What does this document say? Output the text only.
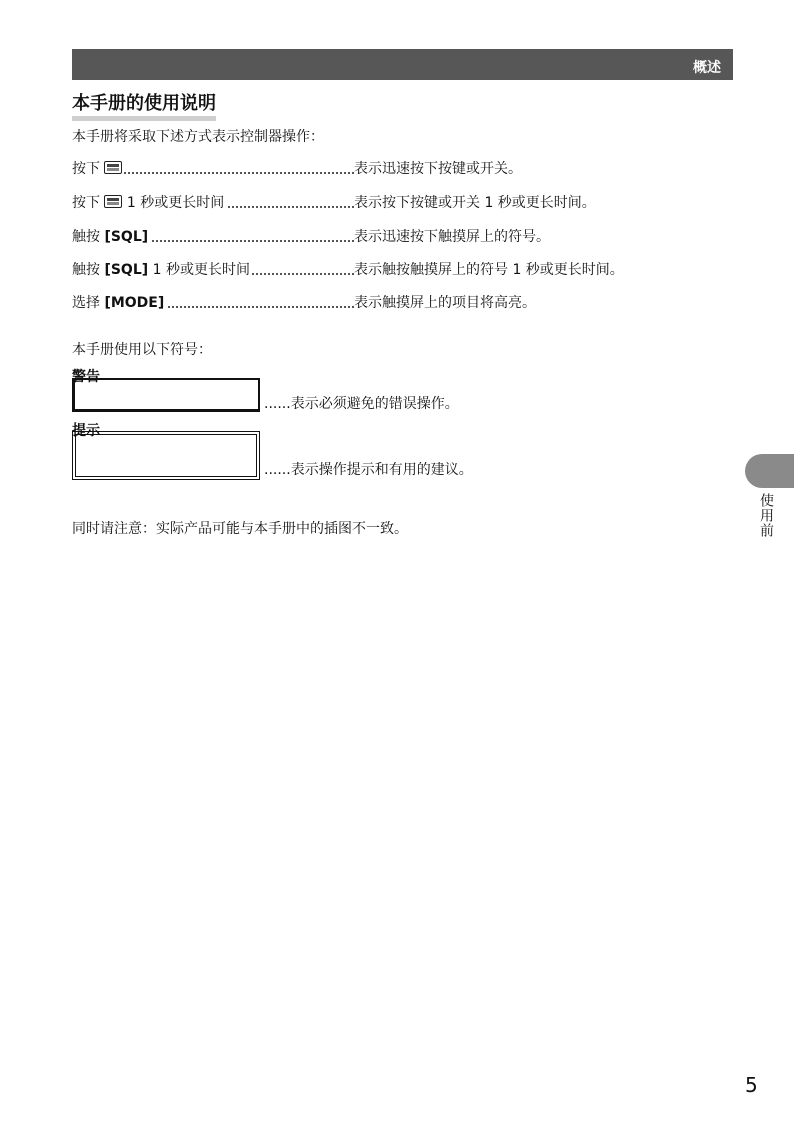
概述
本手册的使用说明
本手册将采取下述方式表示控制器操作：
按下	表示迅速按下按键或开关。
按下 1 秒或更长时间	表示按下按键或开关 1 秒或更长时间。
触按 [SQL]	表示迅速按下触摸屏上的符号。
触按 [SQL] 1 秒或更长时间	表示触按触摸屏上的符号 1 秒或更长时间。
选择 [MODE]	表示触摸屏上的项目将高亮。
本手册使用以下符号：
警告
......表示必须避免的错误操作。
提示
......表示操作提示和有用的建议。
同时请注意：实际产品可能与本手册中的插图不一致。	使用前
5
